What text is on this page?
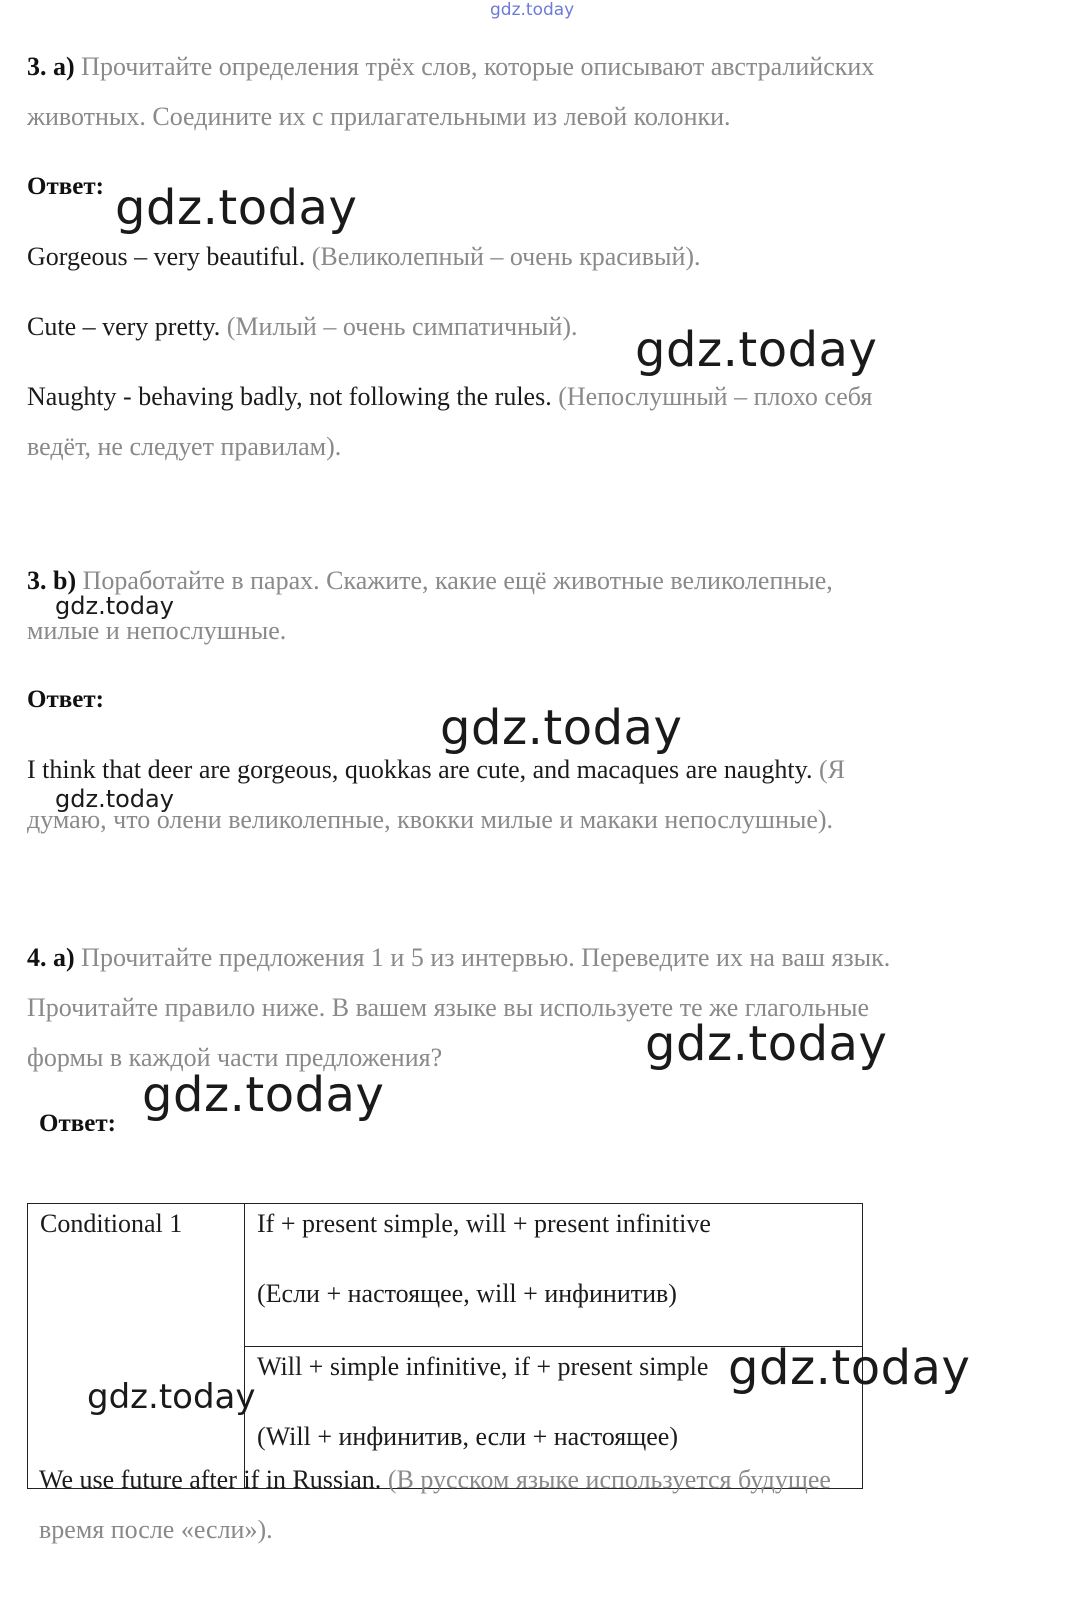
gdz.today
3. a) Прочитайте определения трёх слов, которые описывают австралийских
животных. Соедините их с прилагательными из левой колонки.
Ответ:
Gorgeous – very beautiful. (Великолепный – очень красивый).
Cute – very pretty. (Милый – очень симпатичный).
Naughty - behaving badly, not following the rules. (Непослушный – плохо себя
ведёт, не следует правилам).
3. b) Поработайте в парах. Скажите, какие ещё животные великолепные,
милые и непослушные.
Ответ:
I think that deer are gorgeous, quokkas are cute, and macaques are naughty. (Я
думаю, что олени великолепные, квокки милые и макаки непослушные).
4. a) Прочитайте предложения 1 и 5 из интервью. Переведите их на ваш язык.
Прочитайте правило ниже. В вашем языке вы используете те же глагольные
формы в каждой части предложения?
Ответ:
Conditional 1	If + present simple, will + present infinitive
(Если + настоящее, will + инфинитив)

Will + simple infinitive, if + present simple
(Will + инфинитив, если + настоящее)
We use future after if in Russian. (В русском языке используется будущее
время после «если»).
gdz.today
gdz.today
gdz.today
gdz.today
gdz.today
gdz.today
gdz.today
gdz.today
gdz.today
